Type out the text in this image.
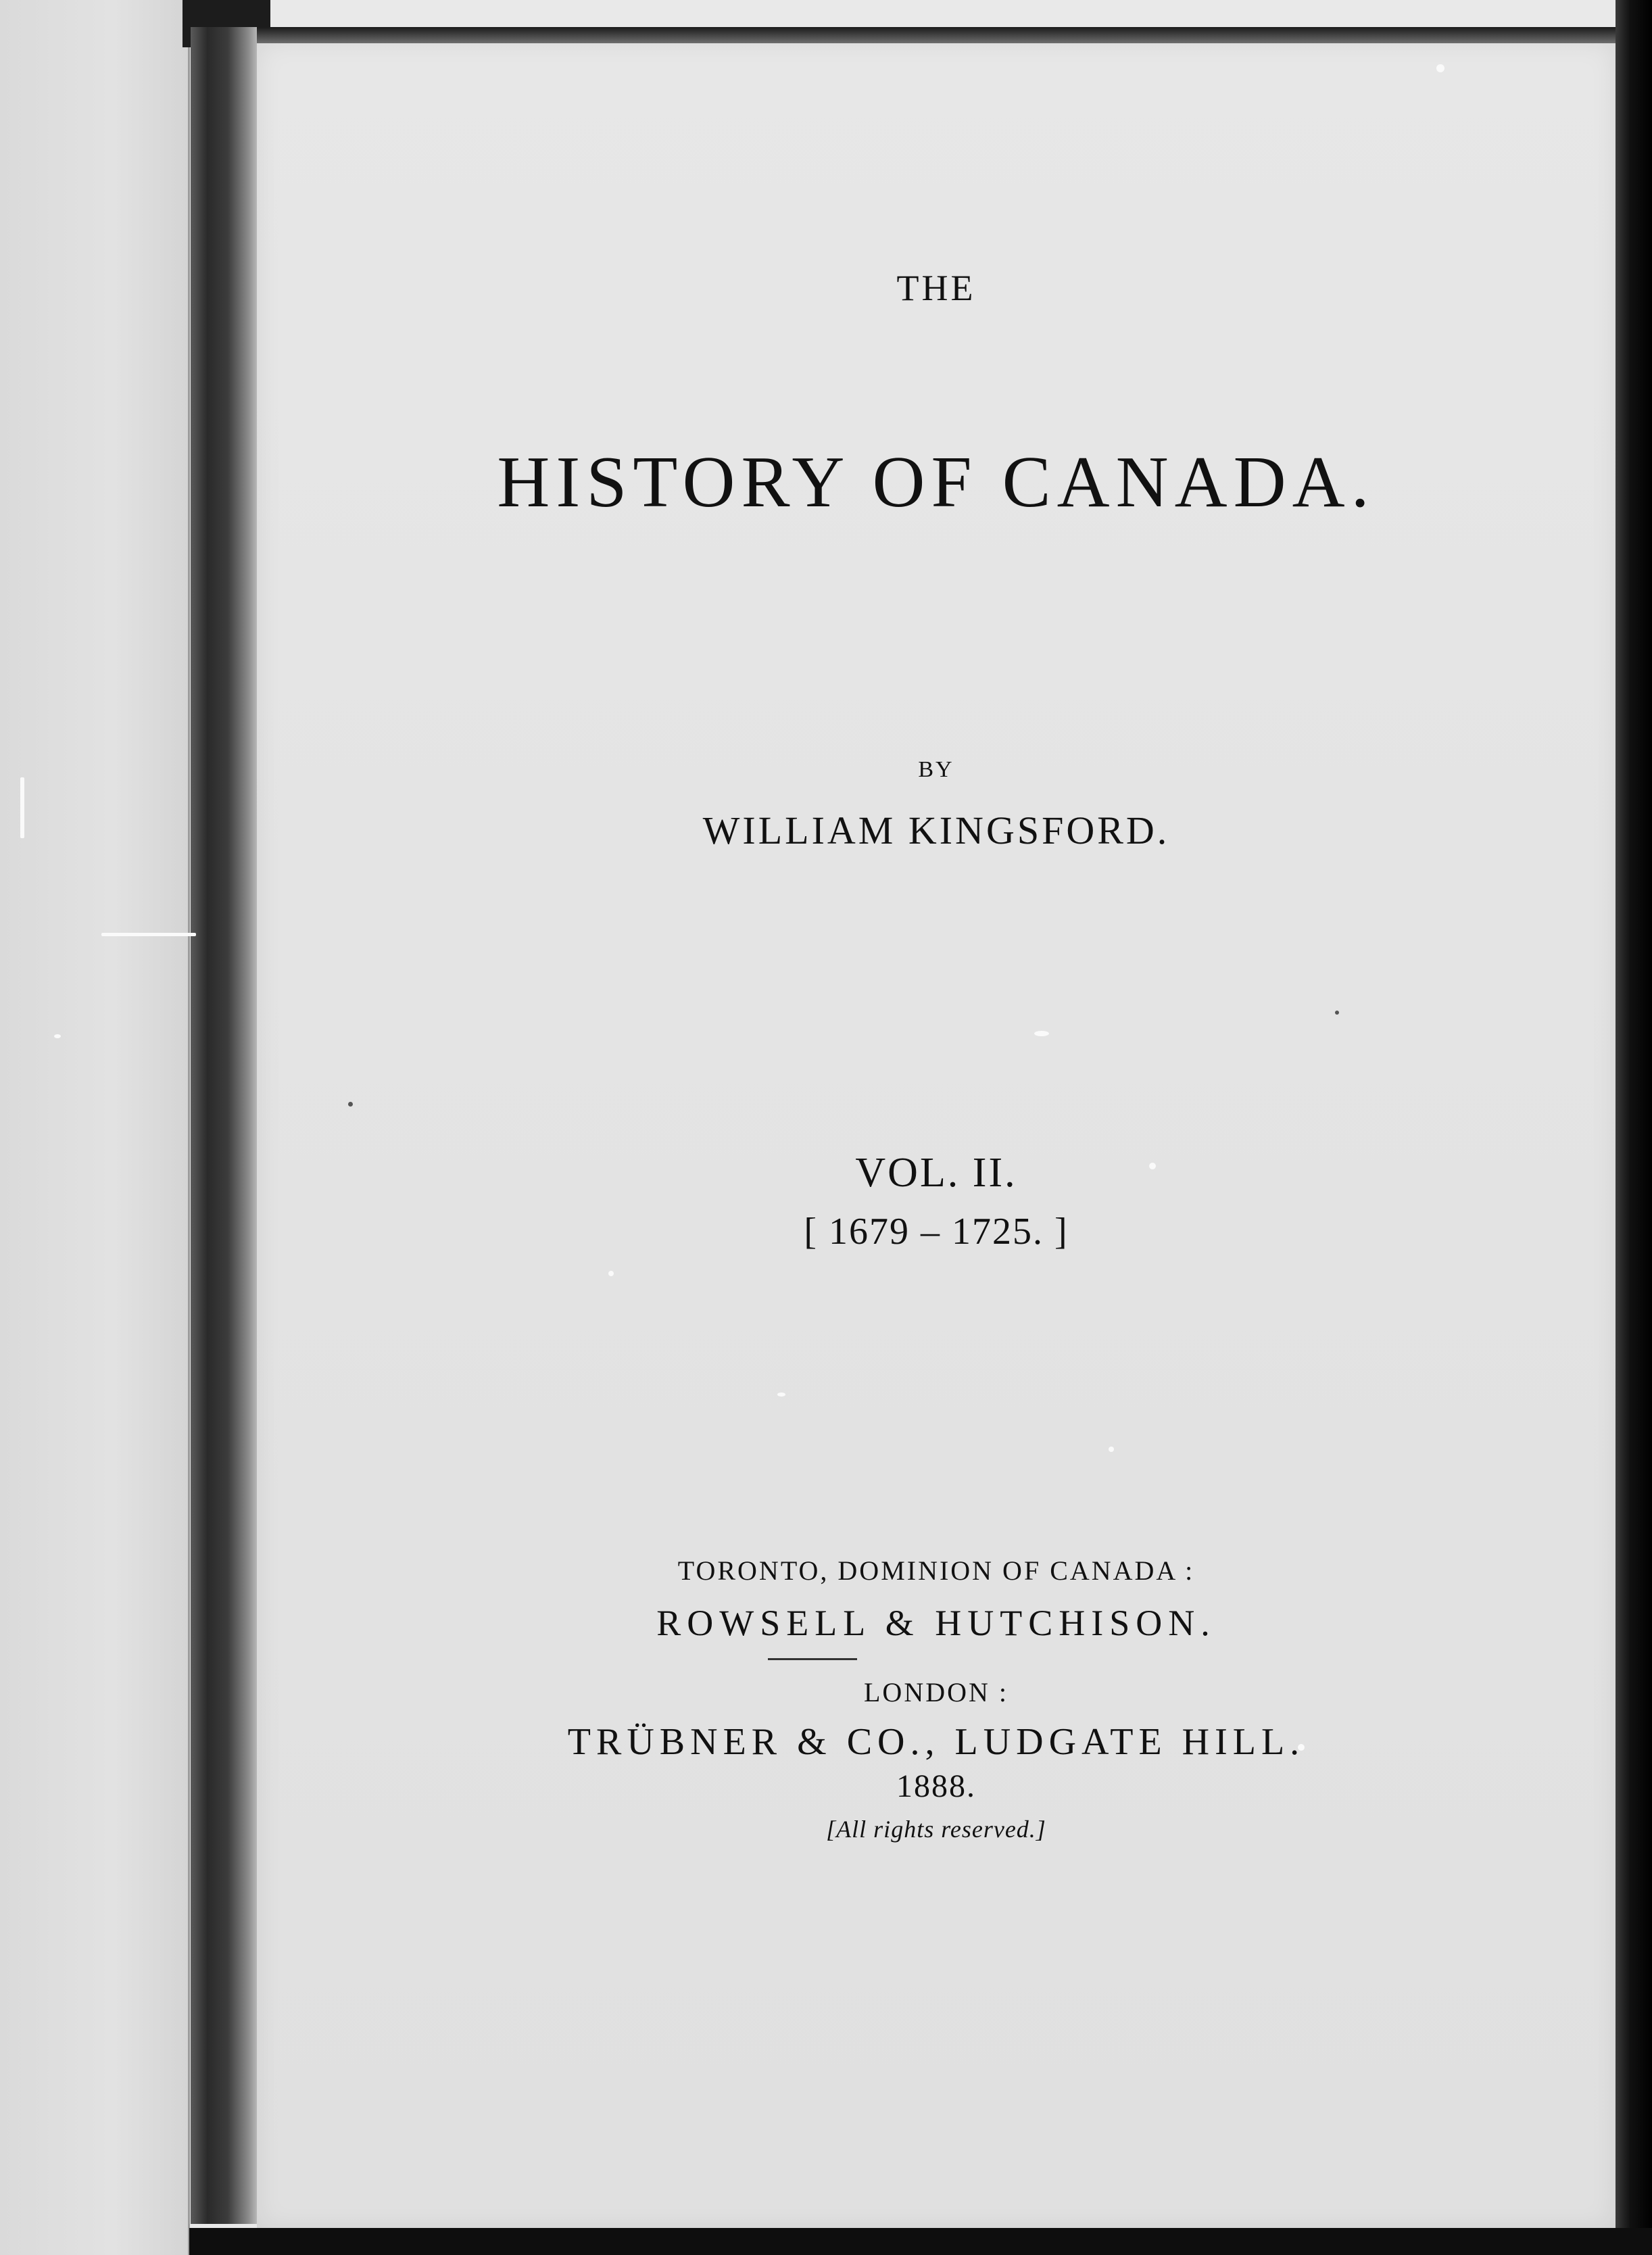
THE

HISTORY OF CANADA.

BY

WILLIAM KINGSFORD.

VOL. II.

[ 1679 – 1725. ]

TORONTO, DOMINION OF CANADA :

ROWSELL & HUTCHISON.

LONDON :

TRÜBNER & CO., LUDGATE HILL.

1888.

[All rights reserved.]
